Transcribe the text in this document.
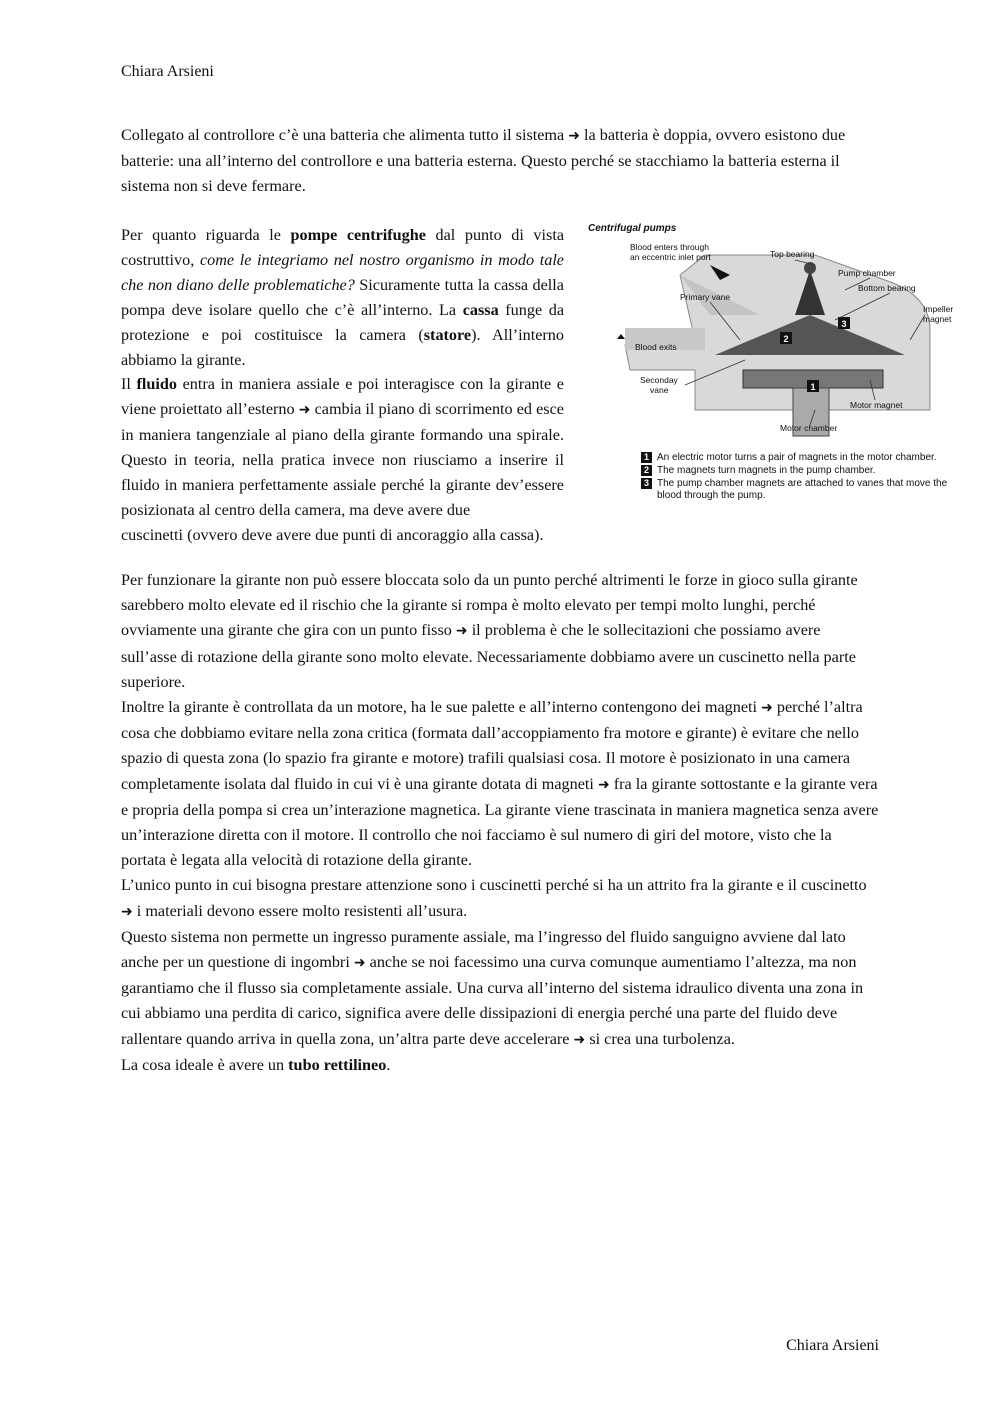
Chiara Arsieni

Collegato al controllore c’è una batteria che alimenta tutto il sistema ➜ la batteria è doppia, ovvero esistono due batterie: una all’interno del controllore e una batteria esterna. Questo perché se stacchiamo la batteria esterna il sistema non si deve fermare.

Per quanto riguarda le pompe centrifughe dal punto di vista costruttivo, come le integriamo nel nostro organismo in modo tale che non diano delle problematiche? Sicuramente tutta la cassa della pompa deve isolare quello che c’è all’interno. La cassa funge da protezione e poi costituisce la camera (statore). All’interno abbiamo la girante.

Il fluido entra in maniera assiale e poi interagisce con la girante e viene proiettato all’esterno ➜ cambia il piano di scorrimento ed esce in maniera tangenziale al piano della girante formando una spirale. Questo in teoria, nella pratica invece non riusciamo a inserire il fluido in maniera perfettamente assiale perché la girante dev’essere posizionata al centro della camera, ma deve avere due

cuscinetti (ovvero deve avere due punti di ancoraggio alla cassa).

Centrifugal pumps
2
3
1
Blood enters through
an eccentric inlet port	Top bearing
Pump chamber
Bottom bearing
Primary vane
Impeller
magnet
Blood exits
Seconday
vane
Motor magnet
Motor chamber
1 An electric motor turns a pair of magnets in the motor chamber.
2 The magnets turn magnets in the pump chamber.
3 The pump chamber magnets are attached to vanes that move the blood through the pump.

Per funzionare la girante non può essere bloccata solo da un punto perché altrimenti le forze in gioco sulla girante sarebbero molto elevate ed il rischio che la girante si rompa è molto elevato per tempi molto lunghi, perché ovviamente una girante che gira con un punto fisso ➜ il problema è che le sollecitazioni che possiamo avere sull’asse di rotazione della girante sono molto elevate. Necessariamente dobbiamo avere un cuscinetto nella parte superiore.

Inoltre la girante è controllata da un motore, ha le sue palette e all’interno contengono dei magneti ➜ perché l’altra cosa che dobbiamo evitare nella zona critica (formata dall’accoppiamento fra motore e girante) è evitare che nello spazio di questa zona (lo spazio fra girante e motore) trafili qualsiasi cosa. Il motore è posizionato in una camera completamente isolata dal fluido in cui vi è una girante dotata di magneti ➜ fra la girante sottostante e la girante vera e propria della pompa si crea un’interazione magnetica. La girante viene trascinata in maniera magnetica senza avere un’interazione diretta con il motore. Il controllo che noi facciamo è sul numero di giri del motore, visto che la portata è legata alla velocità di rotazione della girante.

L’unico punto in cui bisogna prestare attenzione sono i cuscinetti perché si ha un attrito fra la girante e il cuscinetto ➜ i materiali devono essere molto resistenti all’usura.

Questo sistema non permette un ingresso puramente assiale, ma l’ingresso del fluido sanguigno avviene dal lato anche per un questione di ingombri ➜ anche se noi facessimo una curva comunque aumentiamo l’altezza, ma non garantiamo che il flusso sia completamente assiale. Una curva all’interno del sistema idraulico diventa una zona in cui abbiamo una perdita di carico, significa avere delle dissipazioni di energia perché una parte del fluido deve rallentare quando arriva in quella zona, un’altra parte deve accelerare ➜ si crea una turbolenza.

La cosa ideale è avere un tubo rettilineo.

Chiara Arsieni
